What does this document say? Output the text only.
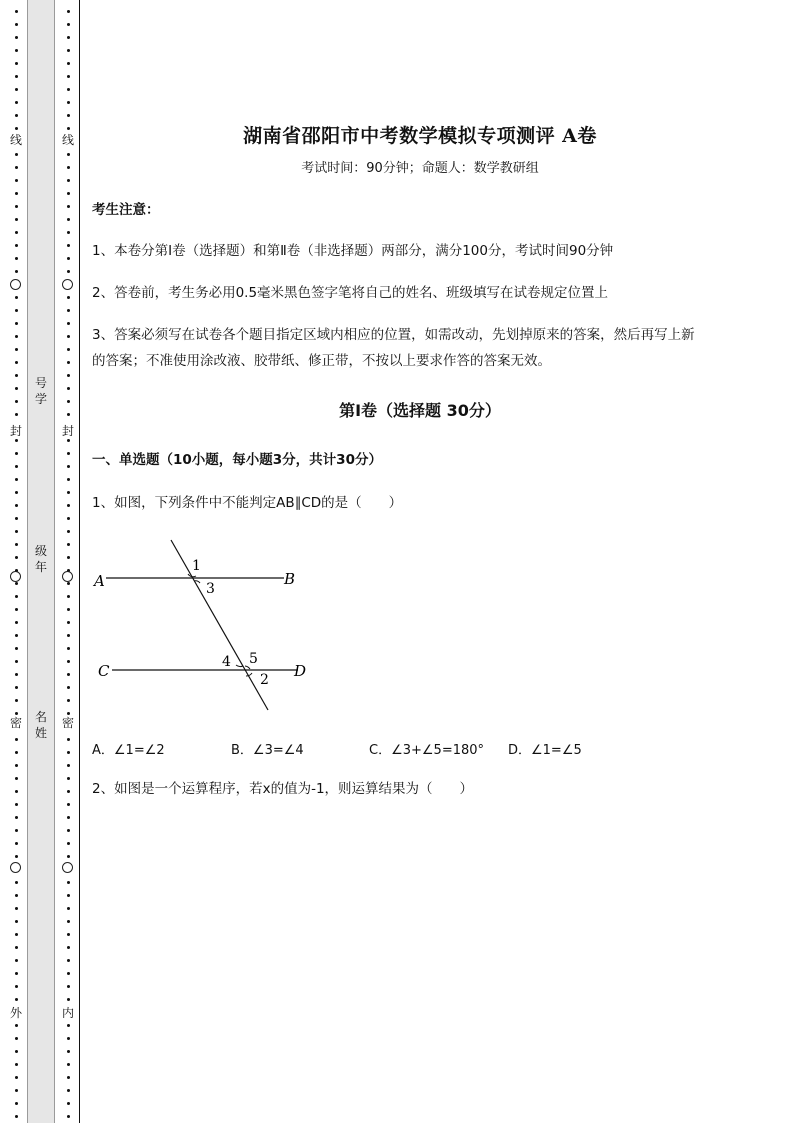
线
封
密
外
号
学
级
年
名
姓
线
封
密
内
湖南省邵阳市中考数学模拟专项测评 A卷
考试时间：90分钟；命题人：数学教研组
考生注意：
1、本卷分第I卷（选择题）和第Ⅱ卷（非选择题）两部分，满分100分，考试时间90分钟
2、答卷前，考生务必用0.5毫米黑色签字笔将自己的姓名、班级填写在试卷规定位置上
3、答案必须写在试卷各个题目指定区域内相应的位置，如需改动，先划掉原来的答案，然后再写上新
的答案；不准使用涂改液、胶带纸、修正带，不按以上要求作答的答案无效。
第I卷（选择题 30分）
一、单选题（10小题，每小题3分，共计30分）
1、如图，下列条件中不能判定AB∥CD的是（　　）
A	B
C	D
1
3
4 5
2
A．∠1=∠2	B．∠3=∠4	C．∠3+∠5=180° D．∠1=∠5
2、如图是一个运算程序，若x的值为-1，则运算结果为（　　）
